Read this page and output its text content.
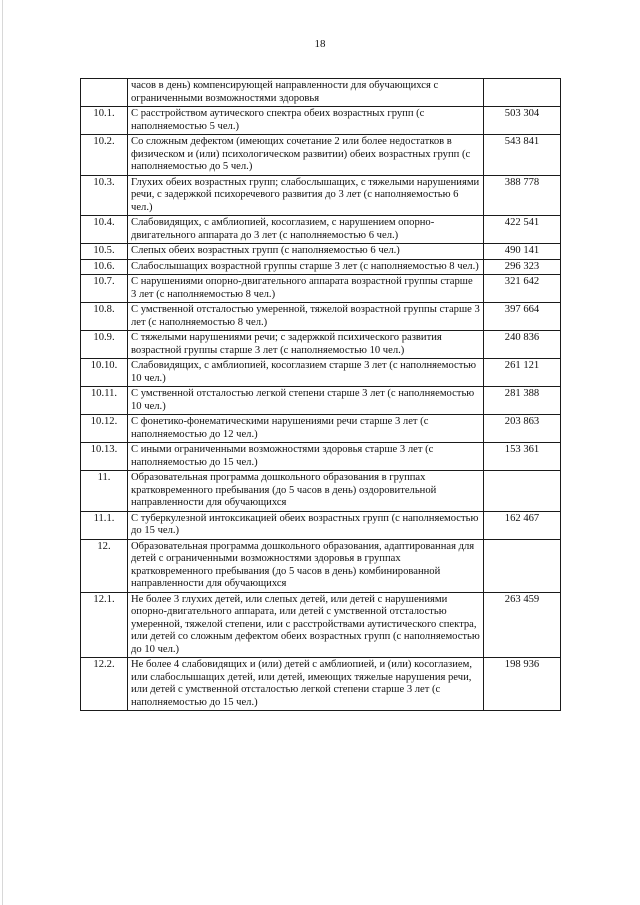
18
	часов в день) компенсирующей направленности для обучающихся с ограниченными возможностями здоровья	
10.1.	С расстройством аутического спектра обеих возрастных групп (с наполняемостью 5 чел.)	503 304
10.2.	Со сложным дефектом (имеющих сочетание 2 или более недостатков в физическом и (или) психологическом развитии) обеих возрастных групп (с наполняемостью до 5 чел.)	543 841
10.3.	Глухих обеих возрастных групп; слабослышащих, с тяжелыми нарушениями речи, с задержкой психоречевого развития до 3 лет (с наполняемостью 6 чел.)	388 778
10.4.	Слабовидящих, с амблиопией, косоглазием, с нарушением опорно-двигательного аппарата до 3 лет (с наполняемостью 6 чел.)	422 541
10.5.	Слепых обеих возрастных групп (с наполняемостью 6 чел.)	490 141
10.6.	Слабослышащих возрастной группы старше 3 лет (с наполняемостью 8 чел.)	296 323
10.7.	С нарушениями опорно-двигательного аппарата возрастной группы старше 3 лет (с наполняемостью 8 чел.)	321 642
10.8.	С умственной отсталостью умеренной, тяжелой возрастной группы старше 3 лет (с наполняемостью 8 чел.)	397 664
10.9.	С тяжелыми нарушениями речи; с задержкой психического развития возрастной группы старше 3 лет (с наполняемостью 10 чел.)	240 836
10.10.	Слабовидящих, с амблиопией, косоглазием старше 3 лет (с наполняемостью 10 чел.)	261 121
10.11.	С умственной отсталостью легкой степени старше 3 лет (с наполняемостью 10 чел.)	281 388
10.12.	С фонетико-фонематическими нарушениями речи старше 3 лет (с наполняемостью до 12 чел.)	203 863
10.13.	С иными ограниченными возможностями здоровья старше 3 лет (с наполняемостью до 15 чел.)	153 361
11.	Образовательная программа дошкольного образования в группах кратковременного пребывания (до 5 часов в день) оздоровительной направленности для обучающихся	
11.1.	С туберкулезной интоксикацией обеих возрастных групп (с наполняемостью до 15 чел.)	162 467
12.	Образовательная программа дошкольного образования, адаптированная для детей с ограниченными возможностями здоровья в группах кратковременного пребывания (до 5 часов в день) комбинированной направленности для обучающихся	
12.1.	Не более 3 глухих детей, или слепых детей, или детей с нарушениями опорно-двигательного аппарата, или детей с умственной отсталостью умеренной, тяжелой степени, или с расстройствами аутистического спектра, или детей со сложным дефектом обеих возрастных групп (с наполняемостью до 10 чел.)	263 459
12.2.	Не более 4 слабовидящих и (или) детей с амблиопией, и (или) косоглазием, или слабослышащих детей, или детей, имеющих тяжелые нарушения речи, или детей с умственной отсталостью легкой степени старше 3 лет (с наполняемостью до 15 чел.)	198 936
